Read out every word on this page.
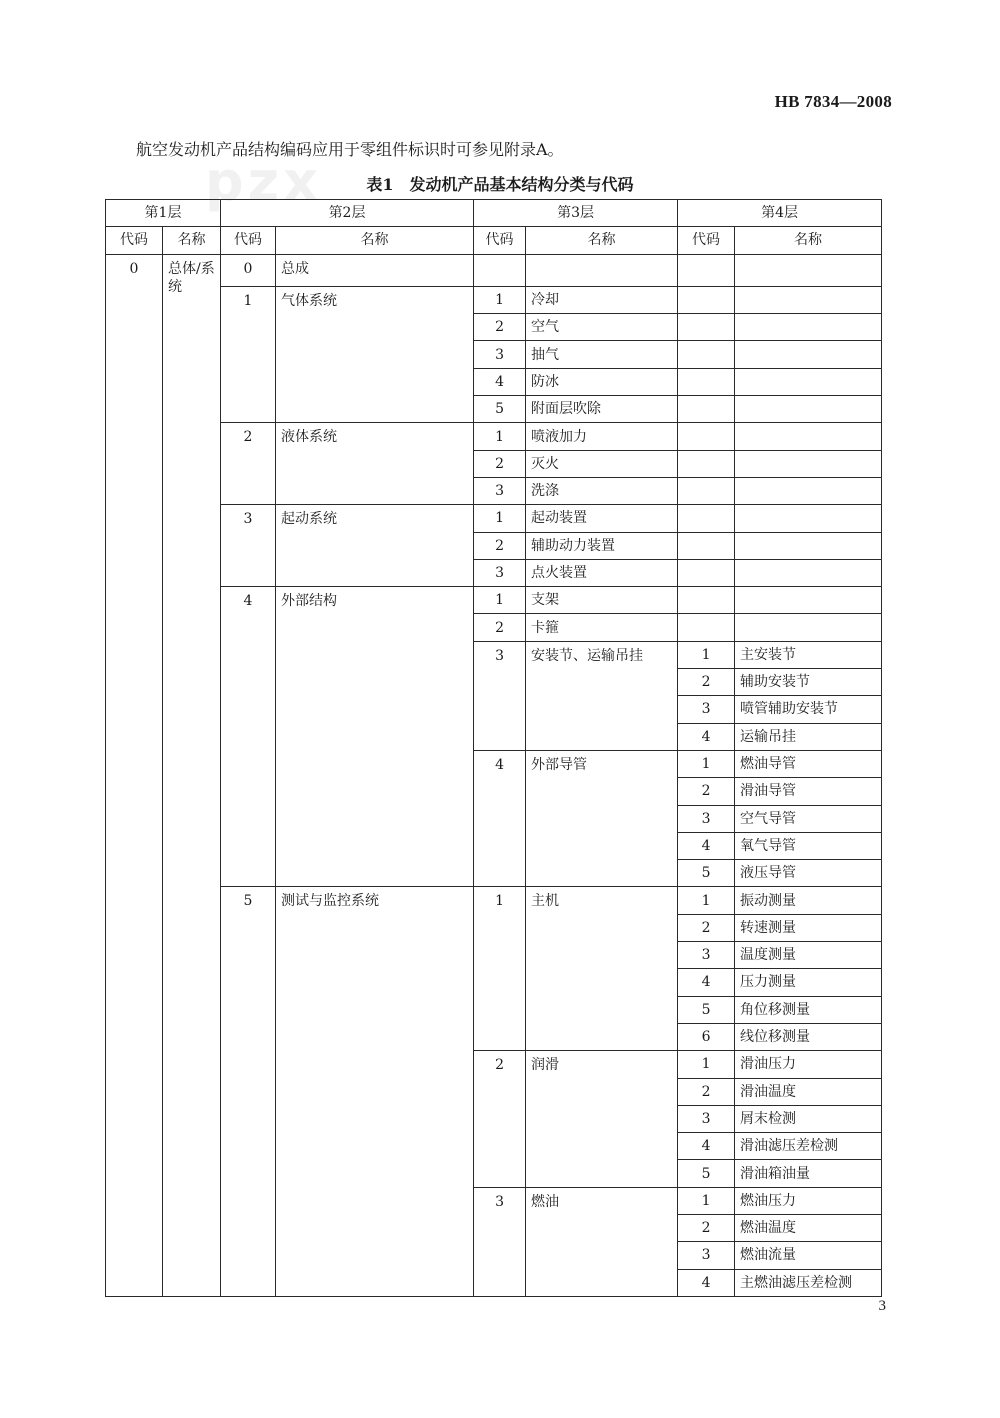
pzx
HB 7834—2008
航空发动机产品结构编码应用于零组件标识时可参见附录A。
表1　发动机产品基本结构分类与代码
第1层		第2层		第3层		第4层	
代码	名称	代码	名称	代码	名称	代码	名称
0	总体/系统	0	总成				
		1	气体系统	1	冷却		
				2	空气		
				3	抽气		
				4	防冰		
				5	附面层吹除		
		2	液体系统	1	喷液加力		
				2	灭火		
				3	洗涤		
		3	起动系统	1	起动装置		
				2	辅助动力装置		
				3	点火装置		
		4	外部结构	1	支架		
				2	卡箍		
				3	安装节、运输吊挂	1	主安装节
						2	辅助安装节
						3	喷管辅助安装节
						4	运输吊挂
				4	外部导管	1	燃油导管
						2	滑油导管
						3	空气导管
						4	氧气导管
						5	液压导管
		5	测试与监控系统	1	主机	1	振动测量
						2	转速测量
						3	温度测量
						4	压力测量
						5	角位移测量
						6	线位移测量
				2	润滑	1	滑油压力
						2	滑油温度
						3	屑末检测
						4	滑油滤压差检测
						5	滑油箱油量
				3	燃油	1	燃油压力
						2	燃油温度
						3	燃油流量
						4	主燃油滤压差检测
3
